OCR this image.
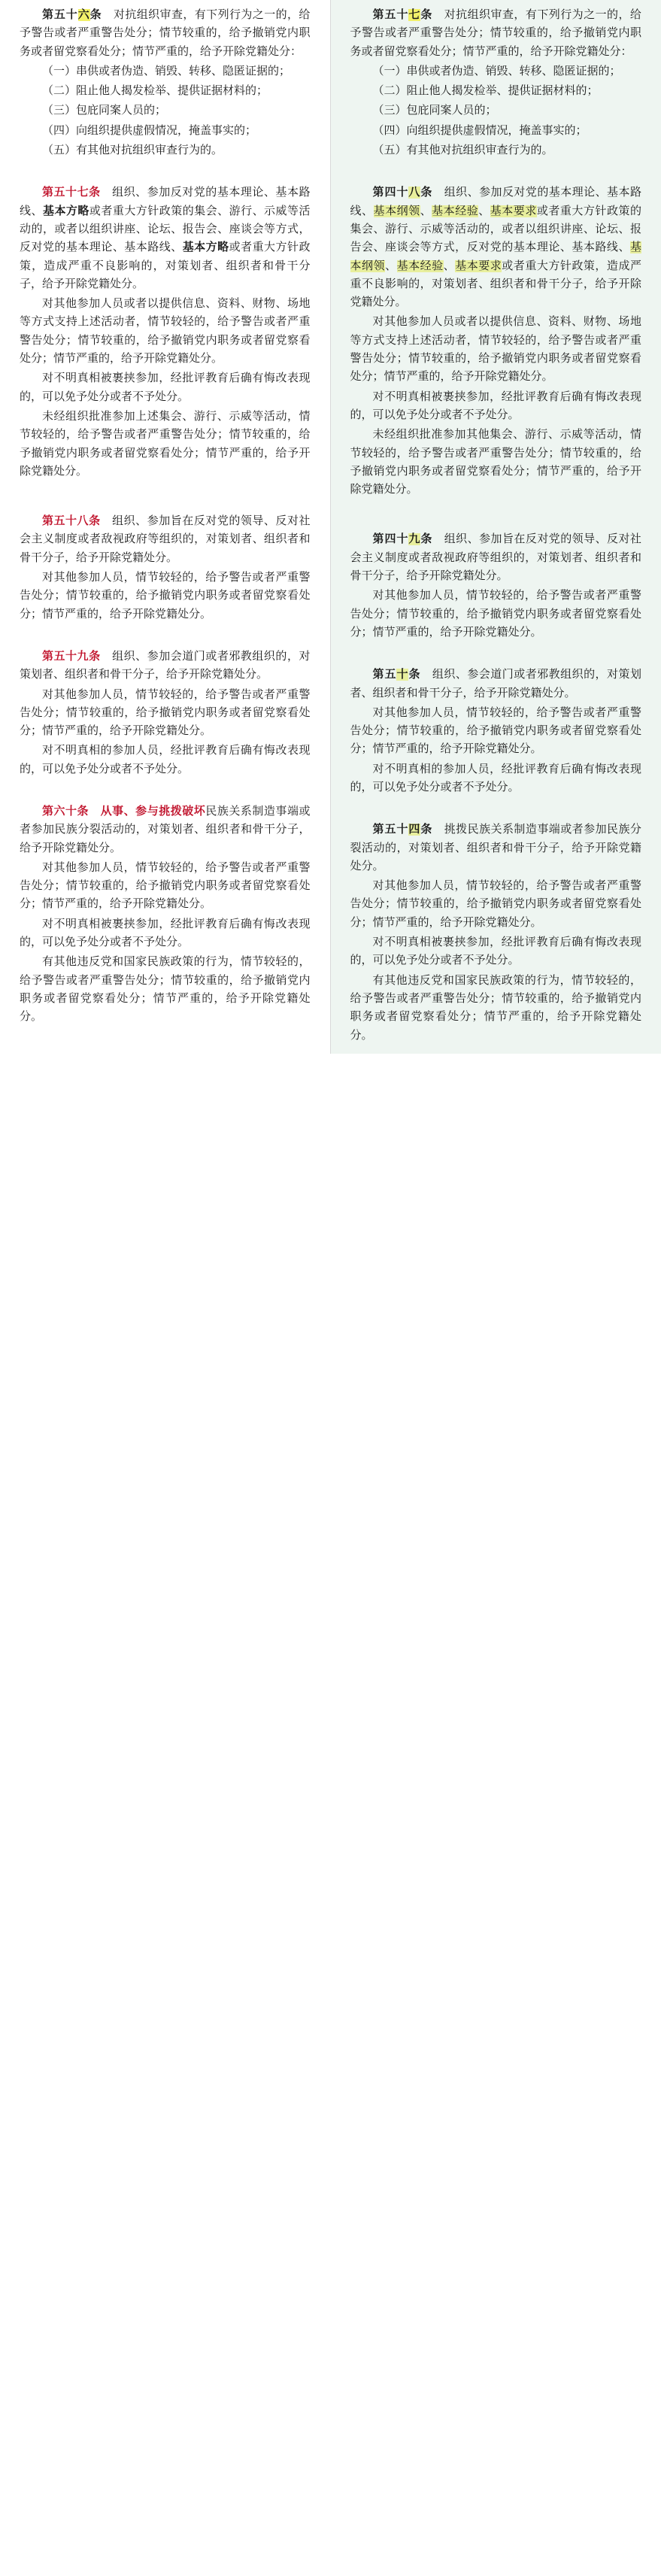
第五十六条　 对抗组织审查，有下列行为之一的，给予警告或者严重警告处分；情节较重的，给予撤销党内职务或者留党察看处分；情节严重的，给予开除党籍处分：

（一）串供或者伪造、销毁、转移、隐匿证据的；

（二）阻止他人揭发检举、提供证据材料的；

（三）包庇同案人员的；

（四）向组织提供虚假情况，掩盖事实的；

（五）有其他对抗组织审查行为的。

第五十七条　组织、参加反对党的基本理论、基本路线、基本方略或者重大方针政策的集会、游行、示威等活动的，或者以组织讲座、论坛、报告会、座谈会等方式，反对党的基本理论、基本路线、基本方略或者重大方针政策，造成严重不良影响的，对策划者、组织者和骨干分子，给予开除党籍处分。

对其他参加人员或者以提供信息、资料、财物、场地等方式支持上述活动者，情节较轻的，给予警告或者严重警告处分；情节较重的，给予撤销党内职务或者留党察看处分；情节严重的，给予开除党籍处分。

对不明真相被裹挟参加，经批评教育后确有悔改表现的，可以免予处分或者不予处分。

未经组织批准参加上述集会、游行、示威等活动，情节较轻的，给予警告或者严重警告处分；情节较重的，给予撤销党内职务或者留党察看处分；情节严重的，给予开除党籍处分。

第五十八条　 组织、参加旨在反对党的领导、反对社会主义制度或者敌视政府等组织的，对策划者、组织者和骨干分子，给予开除党籍处分。

对其他参加人员，情节较轻的，给予警告或者严重警告处分；情节较重的，给予撤销党内职务或者留党察看处分；情节严重的，给予开除党籍处分。

第五十九条　 组织、参加会道门或者邪教组织的，对策划者、组织者和骨干分子，给予开除党籍处分。

对其他参加人员，情节较轻的，给予警告或者严重警告处分；情节较重的，给予撤销党内职务或者留党察看处分；情节严重的，给予开除党籍处分。

对不明真相的参加人员，经批评教育后确有悔改表现的，可以免予处分或者不予处分。

第六十条　 从事、参与挑拨破坏民族关系制造事端或者参加民族分裂活动的，对策划者、组织者和骨干分子，给予开除党籍处分。

对其他参加人员，情节较轻的，给予警告或者严重警告处分；情节较重的，给予撤销党内职务或者留党察看处分；情节严重的，给予开除党籍处分。

对不明真相被裹挟参加，经批评教育后确有悔改表现的，可以免予处分或者不予处分。

有其他违反党和国家民族政策的行为，情节较轻的，给予警告或者严重警告处分；情节较重的，给予撤销党内职务或者留党察看处分；情节严重的，给予开除党籍处分。

第五十七条　 对抗组织审查，有下列行为之一的，给予警告或者严重警告处分；情节较重的，给予撤销党内职务或者留党察看处分；情节严重的，给予开除党籍处分：

（一）串供或者伪造、销毁、转移、隐匿证据的；

（二）阻止他人揭发检举、提供证据材料的；

（三）包庇同案人员的；

（四）向组织提供虚假情况，掩盖事实的；

（五）有其他对抗组织审查行为的。

第四十八条　组织、参加反对党的基本理论、基本路线、基本纲领、基本经验、基本要求或者重大方针政策的集会、游行、示威等活动的，或者以组织讲座、论坛、报告会、座谈会等方式，反对党的基本理论、基本路线、基本纲领、基本经验、基本要求或者重大方针政策，造成严重不良影响的，对策划者、组织者和骨干分子，给予开除党籍处分。

对其他参加人员或者以提供信息、资料、财物、场地等方式支持上述活动者，情节较轻的，给予警告或者严重警告处分；情节较重的，给予撤销党内职务或者留党察看处分；情节严重的，给予开除党籍处分。

对不明真相被裹挟参加，经批评教育后确有悔改表现的，可以免予处分或者不予处分。

未经组织批准参加其他集会、游行、示威等活动，情节较轻的，给予警告或者严重警告处分；情节较重的，给予撤销党内职务或者留党察看处分；情节严重的，给予开除党籍处分。

第四十九条　 组织、参加旨在反对党的领导、反对社会主义制度或者敌视政府等组织的，对策划者、组织者和骨干分子，给予开除党籍处分。

对其他参加人员，情节较轻的，给予警告或者严重警告处分；情节较重的，给予撤销党内职务或者留党察看处分；情节严重的，给予开除党籍处分。

第五十条　 组织、参会道门或者邪教组织的，对策划者、组织者和骨干分子，给予开除党籍处分。

对其他参加人员，情节较轻的，给予警告或者严重警告处分；情节较重的，给予撤销党内职务或者留党察看处分；情节严重的，给予开除党籍处分。

对不明真相的参加人员，经批评教育后确有悔改表现的，可以免予处分或者不予处分。

第五十四条　 挑拨民族关系制造事端或者参加民族分裂活动的，对策划者、组织者和骨干分子，给予开除党籍处分。

对其他参加人员，情节较轻的，给予警告或者严重警告处分；情节较重的，给予撤销党内职务或者留党察看处分；情节严重的，给予开除党籍处分。

对不明真相被裹挟参加，经批评教育后确有悔改表现的，可以免予处分或者不予处分。

有其他违反党和国家民族政策的行为，情节较轻的，给予警告或者严重警告处分；情节较重的，给予撤销党内职务或者留党察看处分；情节严重的，给予开除党籍处分。
